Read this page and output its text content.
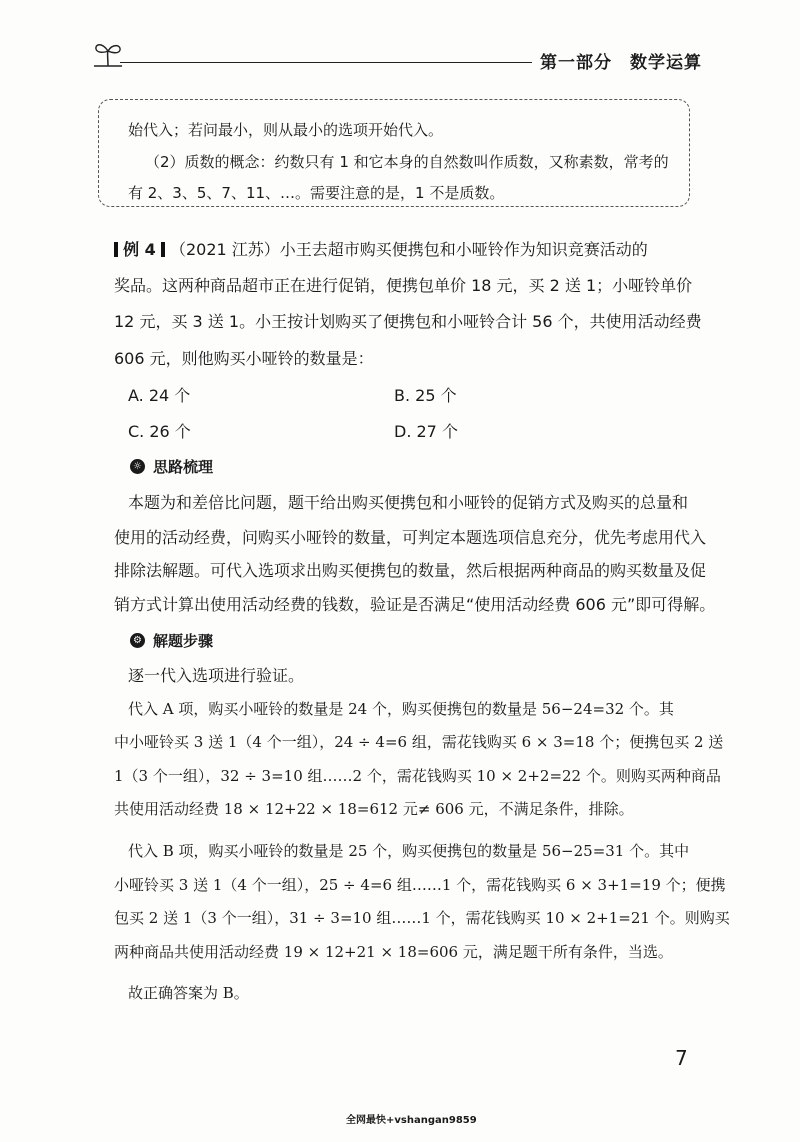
第一部分　数学运算
始代入；若问最小，则从最小的选项开始代入。
（2）质数的概念：约数只有 1 和它本身的自然数叫作质数，又称素数，常考的
有 2、3、5、7、11、…。需要注意的是，1 不是质数。
例 4 （2021 江苏）小王去超市购买便携包和小哑铃作为知识竞赛活动的
奖品。这两种商品超市正在进行促销，便携包单价 18 元，买 2 送 1；小哑铃单价
12 元，买 3 送 1。小王按计划购买了便携包和小哑铃合计 56 个，共使用活动经费
606 元，则他购买小哑铃的数量是：
A. 24 个	B. 25 个
C. 26 个	D. 27 个
☼ 思路梳理
本题为和差倍比问题，题干给出购买便携包和小哑铃的促销方式及购买的总量和
使用的活动经费，问购买小哑铃的数量，可判定本题选项信息充分，优先考虑用代入
排除法解题。可代入选项求出购买便携包的数量，然后根据两种商品的购买数量及促
销方式计算出使用活动经费的钱数，验证是否满足“使用活动经费 606 元”即可得解。
⚙ 解题步骤
逐一代入选项进行验证。
代入 A 项，购买小哑铃的数量是 24 个，购买便携包的数量是 56−24=32 个。其
中小哑铃买 3 送 1（4 个一组），24 ÷ 4=6 组，需花钱购买 6 × 3=18 个；便携包买 2 送
1（3 个一组），32 ÷ 3=10 组……2 个，需花钱购买 10 × 2+2=22 个。则购买两种商品
共使用活动经费 18 × 12+22 × 18=612 元≠ 606 元，不满足条件，排除。
代入 B 项，购买小哑铃的数量是 25 个，购买便携包的数量是 56−25=31 个。其中
小哑铃买 3 送 1（4 个一组），25 ÷ 4=6 组……1 个，需花钱购买 6 × 3+1=19 个；便携
包买 2 送 1（3 个一组），31 ÷ 3=10 组……1 个，需花钱购买 10 × 2+1=21 个。则购买
两种商品共使用活动经费 19 × 12+21 × 18=606 元，满足题干所有条件，当选。
故正确答案为 B。
7
全网最快+vshangan9859
